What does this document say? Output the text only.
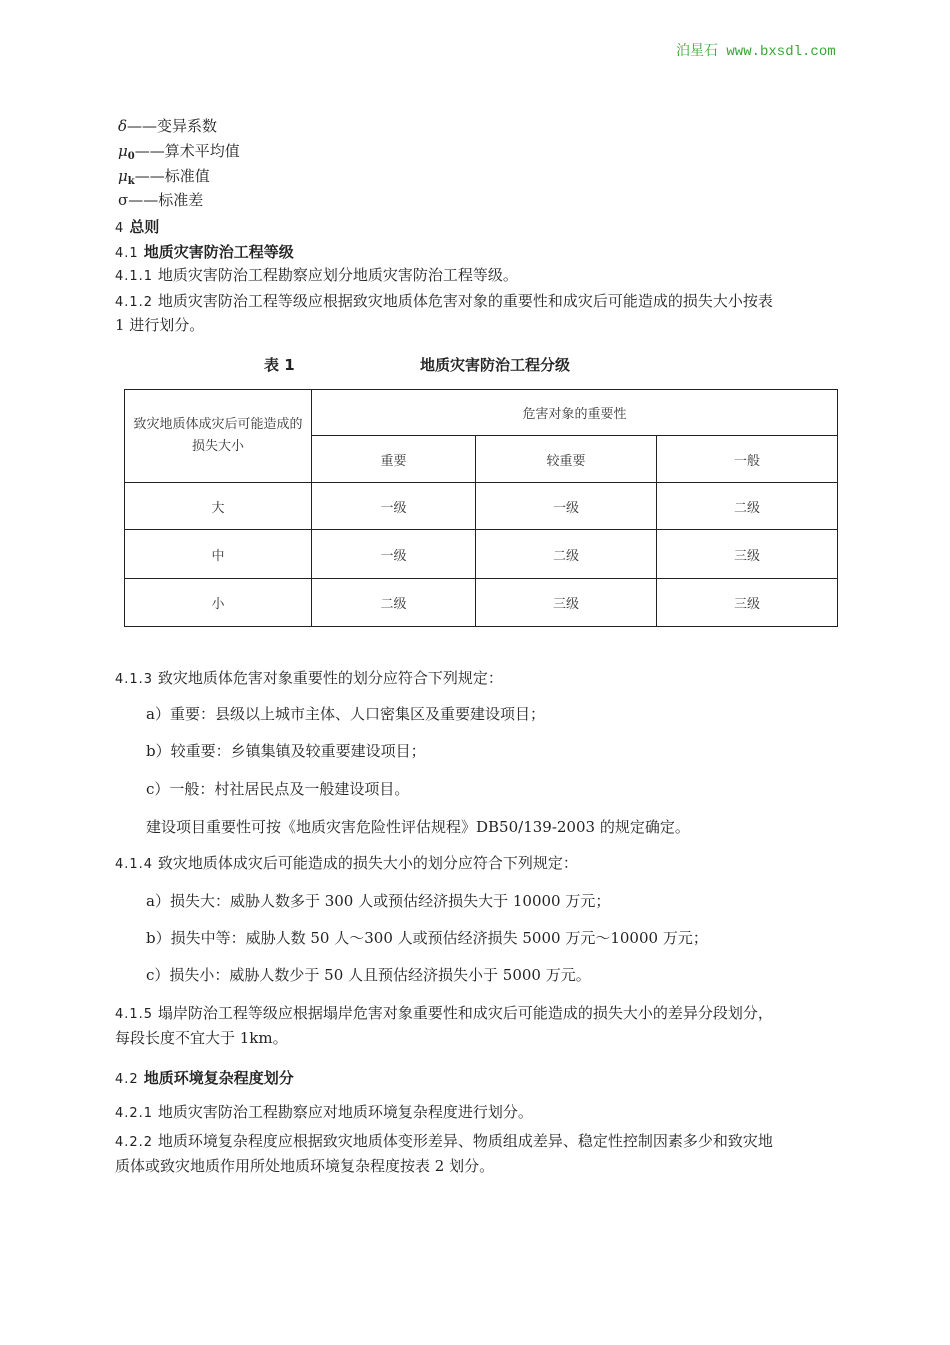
泊星石 www.bxsdl.com
δ——变异系数
$\mu_0——$算术平均值
$\mu_k——$标准值
σ——标准差
4 总则
4.1 地质灾害防治工程等级
4.1.1 地质灾害防治工程勘察应划分地质灾害防治工程等级。
4.1.2 地质灾害防治工程等级应根据致灾地质体危害对象的重要性和成灾后可能造成的损失大小按表
1 进行划分。
表 1	地质灾害防治工程分级
致灾地质体成灾后可能造成的损失大小	危害对象的重要性		
	重要	较重要	一般
大	一级	一级	二级
中	一级	二级	三级
小	二级	三级	三级
4.1.3 致灾地质体危害对象重要性的划分应符合下列规定：
a）重要：县级以上城市主体、人口密集区及重要建设项目；
b）较重要：乡镇集镇及较重要建设项目；
c）一般：村社居民点及一般建设项目。
建设项目重要性可按《地质灾害危险性评估规程》DB50/139-2003 的规定确定。
4.1.4 致灾地质体成灾后可能造成的损失大小的划分应符合下列规定：
a）损失大：威胁人数多于 300 人或预估经济损失大于 10000 万元；
b）损失中等：威胁人数 50 人～300 人或预估经济损失 5000 万元～10000 万元；
c）损失小：威胁人数少于 50 人且预估经济损失小于 5000 万元。
4.1.5 塌岸防治工程等级应根据塌岸危害对象重要性和成灾后可能造成的损失大小的差异分段划分，
每段长度不宜大于 1km。
4.2 地质环境复杂程度划分
4.2.1 地质灾害防治工程勘察应对地质环境复杂程度进行划分。
4.2.2 地质环境复杂程度应根据致灾地质体变形差异、物质组成差异、稳定性控制因素多少和致灾地
质体或致灾地质作用所处地质环境复杂程度按表 2 划分。
